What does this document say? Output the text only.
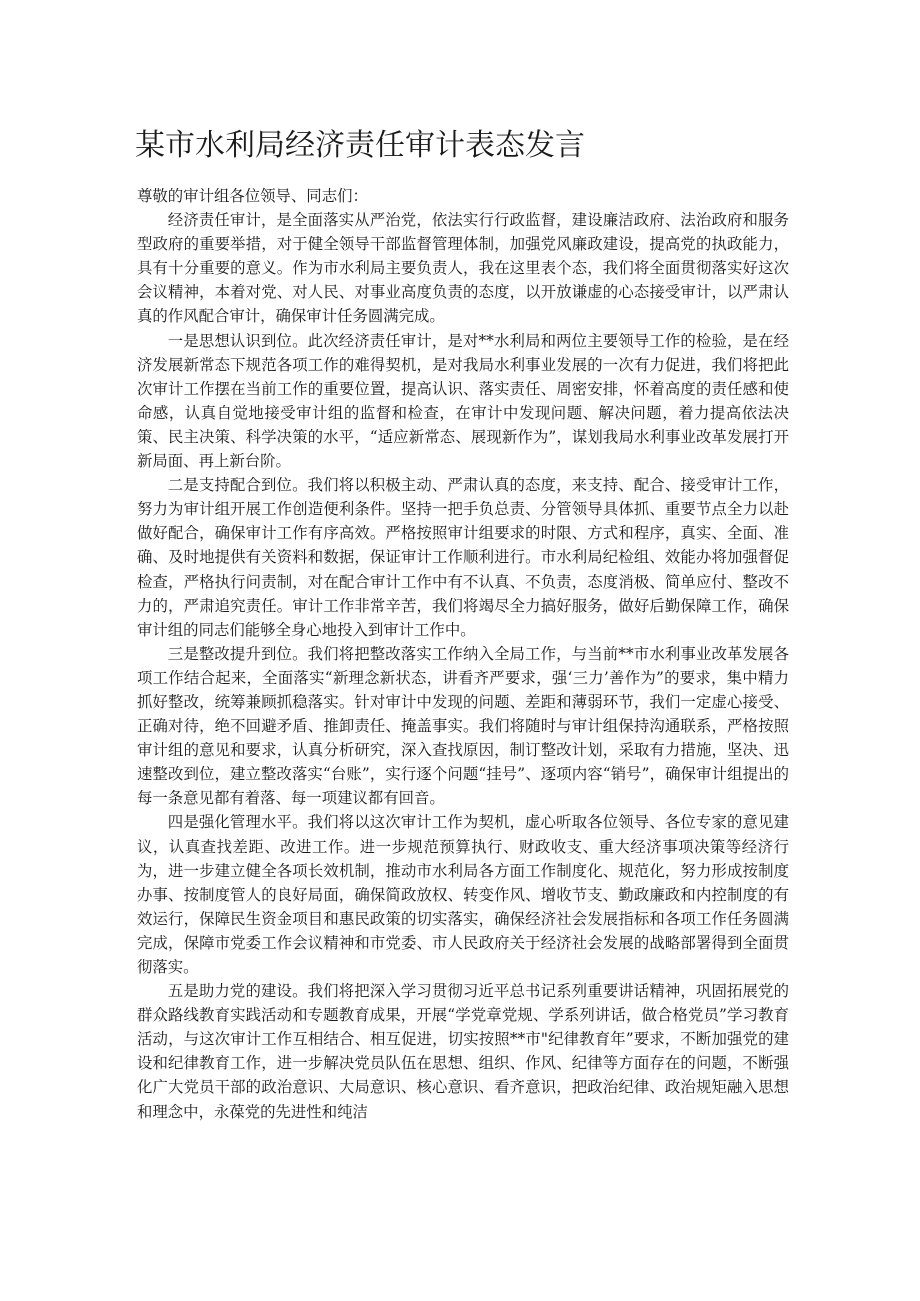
某市水利局经济责任审计表态发言

尊敬的审计组各位领导、同志们：

经济责任审计，是全面落实从严治党，依法实行行政监督，建设廉洁政府、法治政府和服务型政府的重要举措，对于健全领导干部监督管理体制，加强党风廉政建设，提高党的执政能力，具有十分重要的意义。作为市水利局主要负责人，我在这里表个态，我们将全面贯彻落实好这次会议精神，本着对党、对人民、对事业高度负责的态度，以开放谦虚的心态接受审计，以严肃认真的作风配合审计，确保审计任务圆满完成。

一是思想认识到位。此次经济责任审计，是对**水利局和两位主要领导工作的检验，是在经济发展新常态下规范各项工作的难得契机，是对我局水利事业发展的一次有力促进，我们将把此次审计工作摆在当前工作的重要位置，提高认识、落实责任、周密安排，怀着高度的责任感和使命感，认真自觉地接受审计组的监督和检查，在审计中发现问题、解决问题，着力提高依法决策、民主决策、科学决策的水平，“适应新常态、展现新作为”，谋划我局水利事业改革发展打开新局面、再上新台阶。

二是支持配合到位。我们将以积极主动、严肃认真的态度，来支持、配合、接受审计工作，努力为审计组开展工作创造便利条件。坚持一把手负总责、分管领导具体抓、重要节点全力以赴做好配合，确保审计工作有序高效。严格按照审计组要求的时限、方式和程序，真实、全面、准确、及时地提供有关资料和数据，保证审计工作顺利进行。市水利局纪检组、效能办将加强督促检查，严格执行问责制，对在配合审计工作中有不认真、不负责，态度消极、简单应付、整改不力的，严肃追究责任。审计工作非常辛苦，我们将竭尽全力搞好服务，做好后勤保障工作，确保审计组的同志们能够全身心地投入到审计工作中。

三是整改提升到位。我们将把整改落实工作纳入全局工作，与当前**市水利事业改革发展各项工作结合起来，全面落实“新理念新状态，讲看齐严要求，强‘三力’善作为”的要求，集中精力抓好整改，统筹兼顾抓稳落实。针对审计中发现的问题、差距和薄弱环节，我们一定虚心接受、正确对待，绝不回避矛盾、推卸责任、掩盖事实。我们将随时与审计组保持沟通联系，严格按照审计组的意见和要求，认真分析研究，深入查找原因，制订整改计划，采取有力措施，坚决、迅速整改到位，建立整改落实“台账”，实行逐个问题“挂号”、逐项内容“销号”，确保审计组提出的每一条意见都有着落、每一项建议都有回音。

四是强化管理水平。我们将以这次审计工作为契机，虚心听取各位领导、各位专家的意见建议，认真查找差距、改进工作。进一步规范预算执行、财政收支、重大经济事项决策等经济行为，进一步建立健全各项长效机制，推动市水利局各方面工作制度化、规范化，努力形成按制度办事、按制度管人的良好局面，确保简政放权、转变作风、增收节支、勤政廉政和内控制度的有效运行，保障民生资金项目和惠民政策的切实落实，确保经济社会发展指标和各项工作任务圆满完成，保障市党委工作会议精神和市党委、市人民政府关于经济社会发展的战略部署得到全面贯彻落实。

五是助力党的建设。我们将把深入学习贯彻习近平总书记系列重要讲话精神，巩固拓展党的群众路线教育实践活动和专题教育成果，开展“学党章党规、学系列讲话，做合格党员”学习教育活动，与这次审计工作互相结合、相互促进，切实按照**市"纪律教育年”要求，不断加强党的建设和纪律教育工作，进一步解决党员队伍在思想、组织、作风、纪律等方面存在的问题，不断强化广大党员干部的政治意识、大局意识、核心意识、看齐意识，把政治纪律、政治规矩融入思想和理念中，永葆党的先进性和纯洁
